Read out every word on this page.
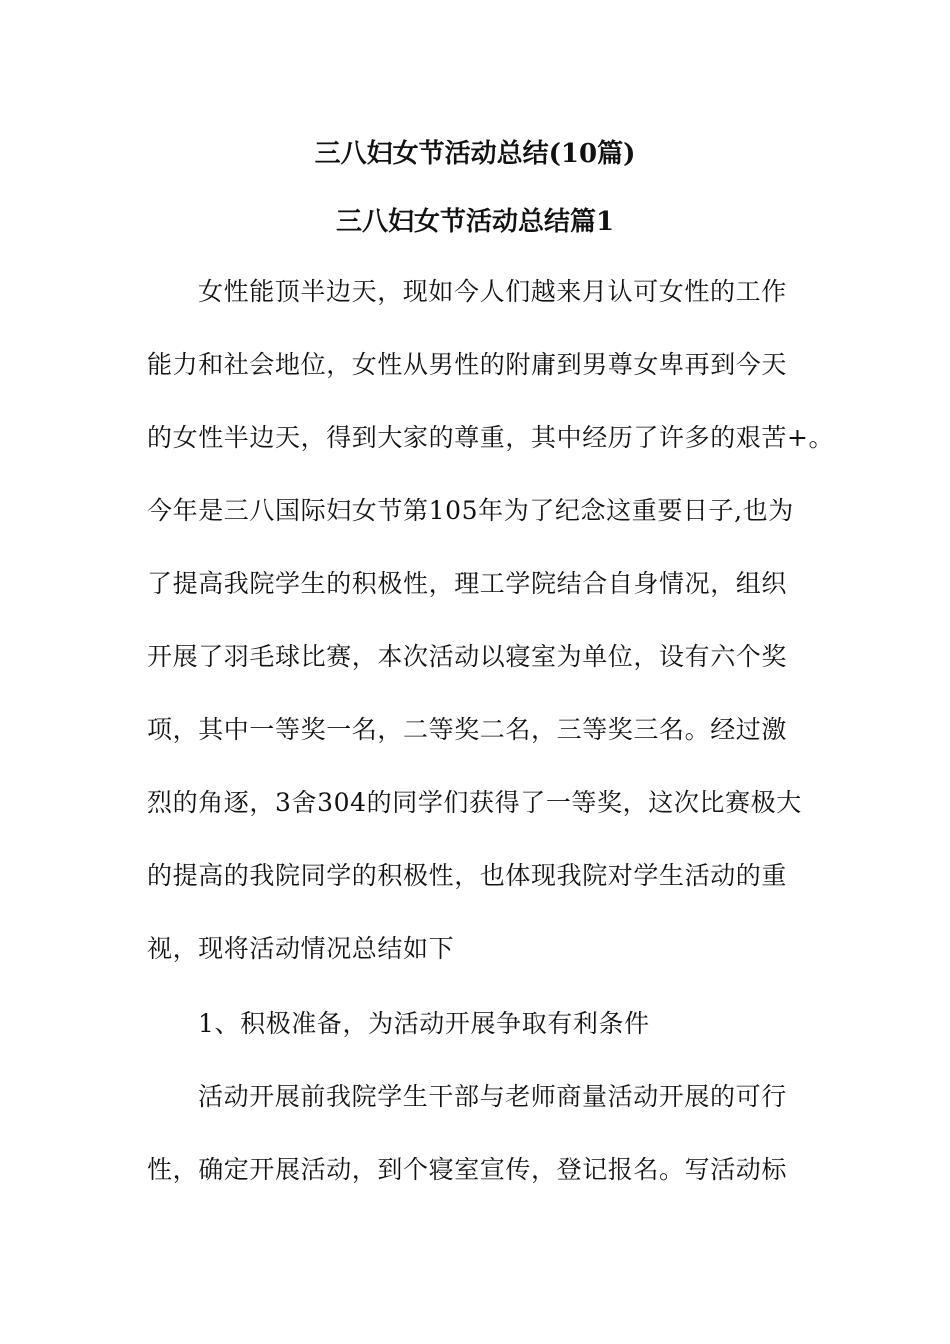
三八妇女节活动总结(10篇)
三八妇女节活动总结篇1
女性能顶半边天，现如今人们越来月认可女性的工作
能力和社会地位，女性从男性的附庸到男尊女卑再到今天
的女性半边天，得到大家的尊重，其中经历了许多的艰苦+。
今年是三八国际妇女节第105年为了纪念这重要日子,也为
了提高我院学生的积极性，理工学院结合自身情况，组织
开展了羽毛球比赛，本次活动以寝室为单位，设有六个奖
项，其中一等奖一名，二等奖二名，三等奖三名。经过激
烈的角逐，3舍304的同学们获得了一等奖，这次比赛极大
的提高的我院同学的积极性，也体现我院对学生活动的重
视，现将活动情况总结如下
1、积极准备，为活动开展争取有利条件
活动开展前我院学生干部与老师商量活动开展的可行
性，确定开展活动，到个寝室宣传，登记报名。写活动标
